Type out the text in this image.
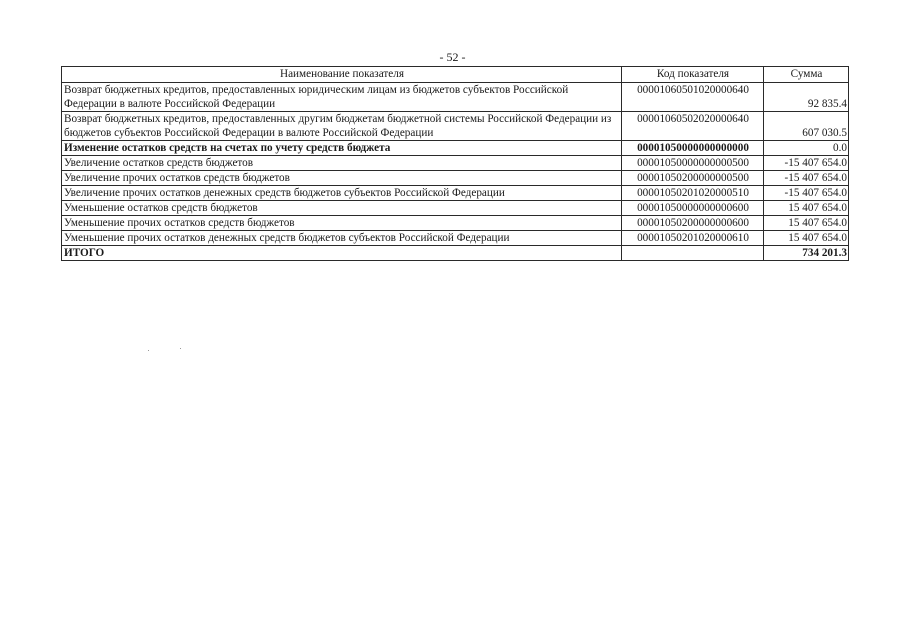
- 52 -
Наименование показателя	Код показателя	Сумма
Возврат бюджетных кредитов, предоставленных юридическим лицам из бюджетов субъектов Российской Федерации в валюте Российской Федерации	00001060501020000640	92 835.4
Возврат бюджетных кредитов, предоставленных другим бюджетам бюджетной системы Российской Федерации из бюджетов субъектов Российской Федерации в валюте Российской Федерации	00001060502020000640	607 030.5
Изменение остатков средств на счетах по учету средств бюджета	00001050000000000000	0.0
Увеличение остатков средств бюджетов	00001050000000000500	-15 407 654.0
Увеличение прочих остатков средств бюджетов	00001050200000000500	-15 407 654.0
Увеличение прочих остатков денежных средств бюджетов субъектов Российской Федерации	00001050201020000510	-15 407 654.0
Уменьшение остатков средств бюджетов	00001050000000000600	15 407 654.0
Уменьшение прочих остатков средств бюджетов	00001050200000000600	15 407 654.0
Уменьшение прочих остатков денежных средств бюджетов субъектов Российской Федерации	00001050201020000610	15 407 654.0
ИТОГО		734 201.3
